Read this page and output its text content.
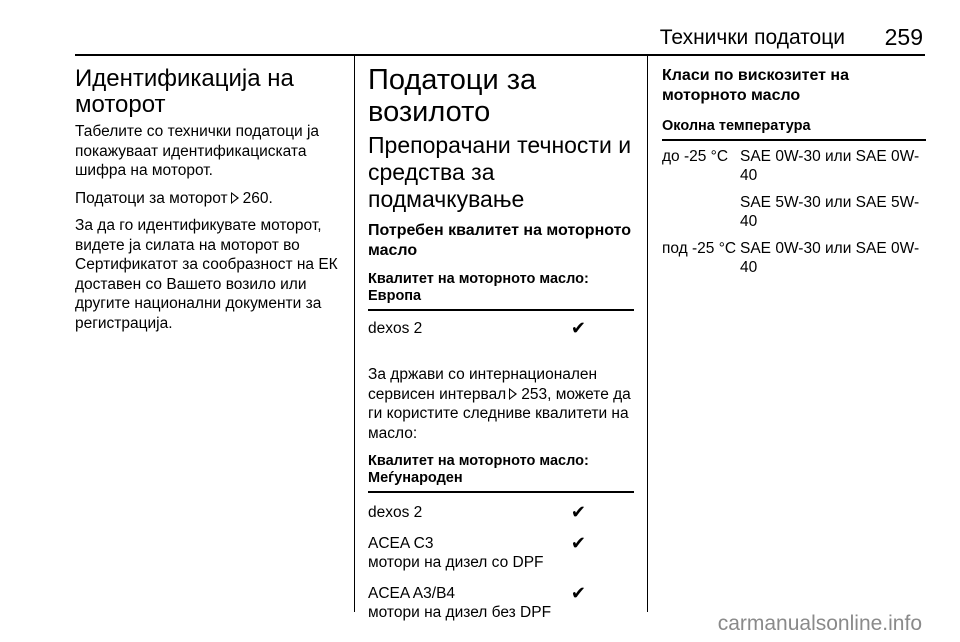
Технички податоци 259
Идентификација на моторот

Табелите со технички податоци ја покажуваат идентификациската шифра на моторот.

Податоци за моторот 260.

За да го идентификувате моторот, видете ја силата на моторот во Сертификатот за сообразност на ЕК доставен со Вашето возило или другите национални документи за регистрација.

Податоци за возилото
Препорачани течности и средства за подмачкување
Потребен квалитет на моторното масло
Квалитет на моторното масло: Европа
dexos 2	✔

За држави со интернационален сервисен интервал 253, можете да ги користите следниве квалитети на масло:

Квалитет на моторното масло: Меѓународен
dexos 2	✔
ACEA C3	✔
мотори на дизел со DPF
ACEA A3/B4	✔
мотори на дизел без DPF
Класи по вискозитет на моторното масло
Околна температура
до -25 °C SAE 0W-30 или SAE 0W-40
SAE 5W-30 или SAE 5W-40
под -25 °C SAE 0W-30 или SAE 0W-40
carmanualsonline.info
